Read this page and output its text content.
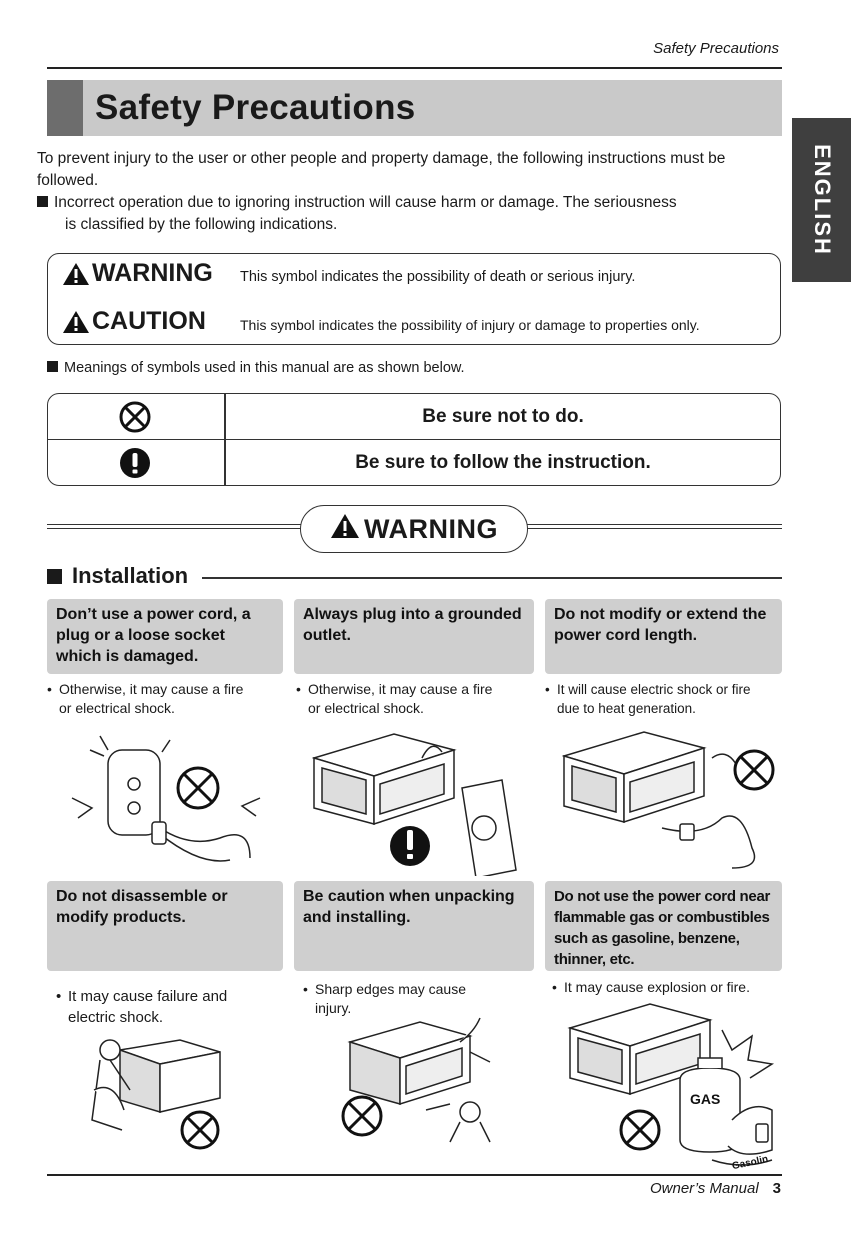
Safety Precautions
Safety Precautions
ENGLISH

To prevent injury to the user or other people and property damage, the following instructions must be followed.

Incorrect operation due to ignoring instruction will cause harm or damage. The seriousness

is classified by the following indications.

WARNING This symbol indicates the possibility of death or serious injury.
CAUTION This symbol indicates the possibility of injury or damage to properties only.
Meanings of symbols used in this manual are as shown below.
Be sure not to do.
Be sure to follow the instruction.
WARNING
Installation
Don’t use a power cord, a plug or a loose socket which is damaged.
Always plug into a grounded outlet.
Do not modify or extend the power cord length.
• Otherwise, it may cause a fire
or electrical shock.
• Otherwise, it may cause a fire
or electrical shock.
• It will cause electric shock or fire
due to heat generation.
Do not disassemble or modify products.
Be caution when unpacking and installing.
Do not use the power cord near flammable gas or combustibles such as gasoline, benzene, thinner, etc.
• It may cause failure and
electric shock.
• Sharp edges may cause
injury.
• It may cause explosion or fire.
GAS
Gasolin
Owner’s Manual 3
